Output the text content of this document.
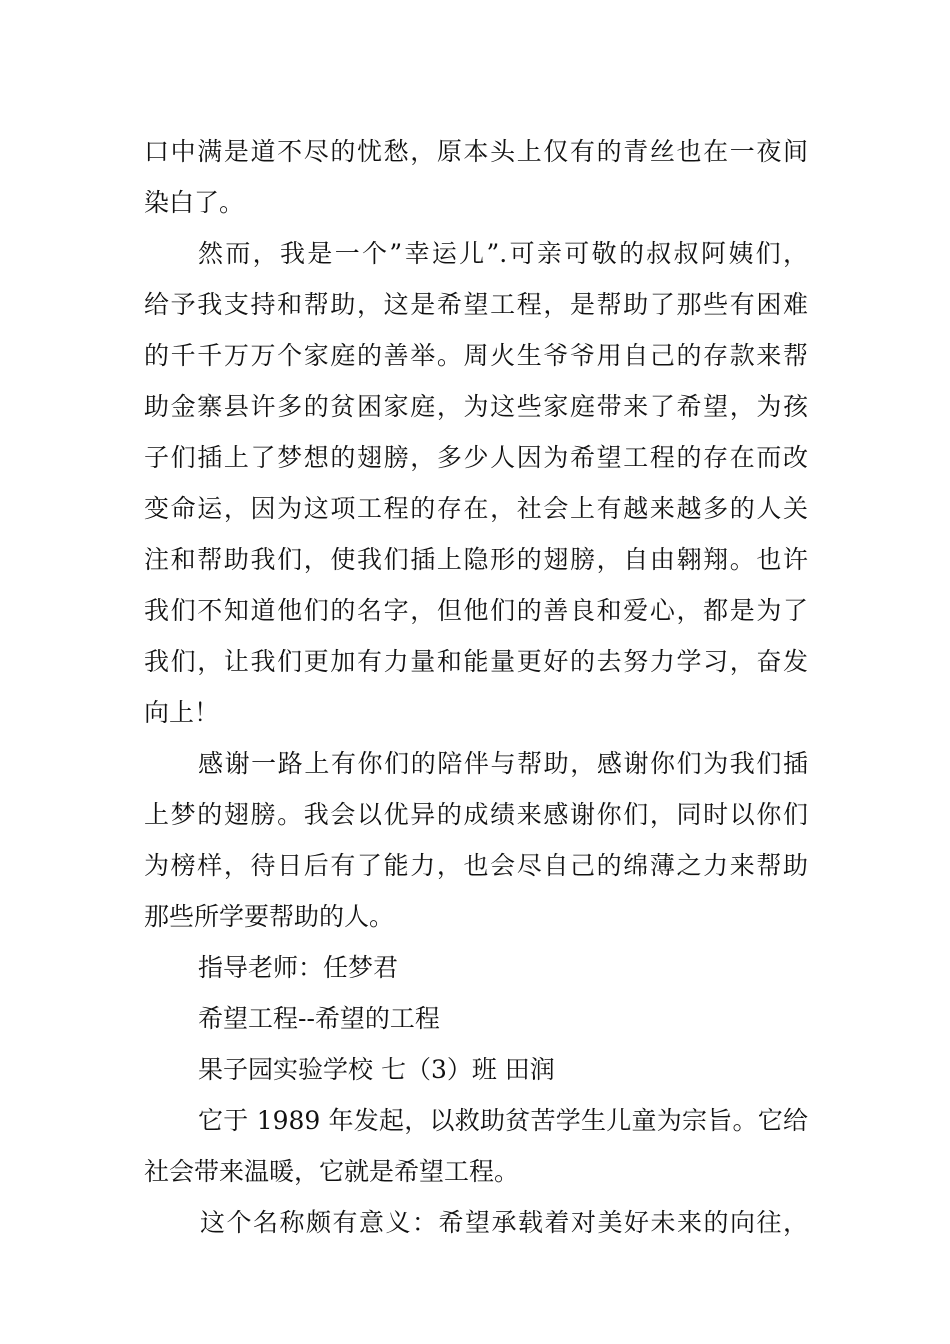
口中满是道不尽的忧愁，原本头上仅有的青丝也在一夜间
染白了。
然而，我是一个”幸运儿”.可亲可敬的叔叔阿姨们，
给予我支持和帮助，这是希望工程，是帮助了那些有困难
的千千万万个家庭的善举。周火生爷爷用自己的存款来帮
助金寨县许多的贫困家庭，为这些家庭带来了希望，为孩
子们插上了梦想的翅膀，多少人因为希望工程的存在而改
变命运，因为这项工程的存在，社会上有越来越多的人关
注和帮助我们，使我们插上隐形的翅膀，自由翱翔。也许
我们不知道他们的名字，但他们的善良和爱心，都是为了
我们，让我们更加有力量和能量更好的去努力学习，奋发
向上！
感谢一路上有你们的陪伴与帮助，感谢你们为我们插
上梦的翅膀。我会以优异的成绩来感谢你们，同时以你们
为榜样，待日后有了能力，也会尽自己的绵薄之力来帮助
那些所学要帮助的人。
指导老师：任梦君
希望工程--希望的工程
果子园实验学校 七（3）班 田润
它于 1989 年发起，以救助贫苦学生儿童为宗旨。它给
社会带来温暖，它就是希望工程。
这个名称颇有意义：希望承载着对美好未来的向往，
